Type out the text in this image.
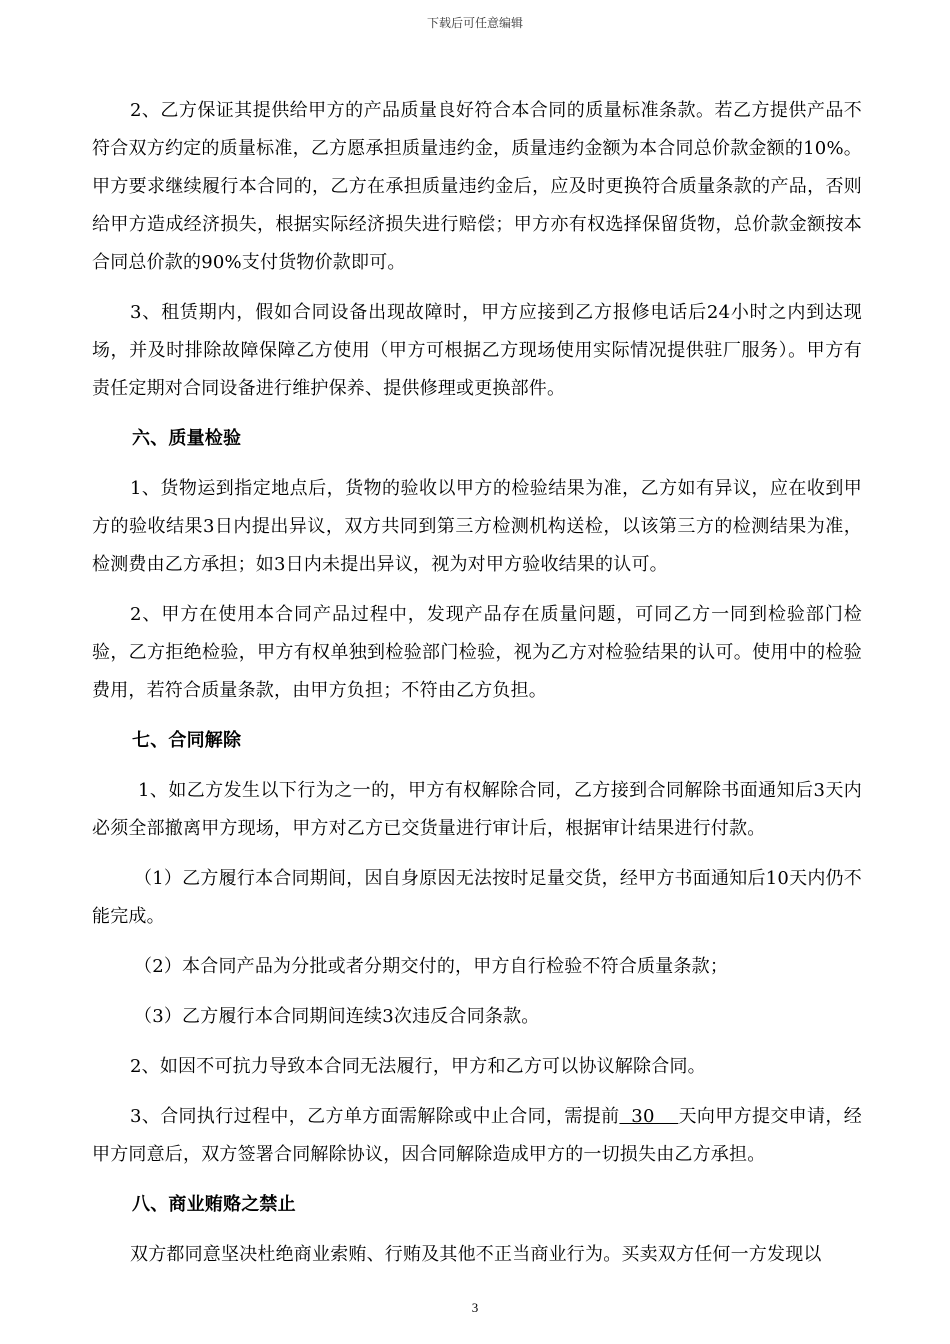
下载后可任意编辑

2、乙方保证其提供给甲方的产品质量良好符合本合同的质量标准条款。若乙方提供产品不符合双方约定的质量标准，乙方愿承担质量违约金，质量违约金额为本合同总价款金额的10%。甲方要求继续履行本合同的，乙方在承担质量违约金后，应及时更换符合质量条款的产品，否则给甲方造成经济损失，根据实际经济损失进行赔偿；甲方亦有权选择保留货物，总价款金额按本合同总价款的90%支付货物价款即可。

3、租赁期内，假如合同设备出现故障时，甲方应接到乙方报修电话后24小时之内到达现场，并及时排除故障保障乙方使用（甲方可根据乙方现场使用实际情况提供驻厂服务）。甲方有责任定期对合同设备进行维护保养、提供修理或更换部件。

六、质量检验

1、货物运到指定地点后，货物的验收以甲方的检验结果为准，乙方如有异议，应在收到甲方的验收结果3日内提出异议，双方共同到第三方检测机构送检，以该第三方的检测结果为准，检测费由乙方承担；如3日内未提出异议，视为对甲方验收结果的认可。

2、甲方在使用本合同产品过程中，发现产品存在质量问题，可同乙方一同到检验部门检验，乙方拒绝检验，甲方有权单独到检验部门检验，视为乙方对检验结果的认可。使用中的检验费用，若符合质量条款，由甲方负担；不符由乙方负担。

七、合同解除

1、如乙方发生以下行为之一的，甲方有权解除合同，乙方接到合同解除书面通知后3天内必须全部撤离甲方现场，甲方对乙方已交货量进行审计后，根据审计结果进行付款。

（1）乙方履行本合同期间，因自身原因无法按时足量交货，经甲方书面通知后10天内仍不能完成。

（2）本合同产品为分批或者分期交付的，甲方自行检验不符合质量条款；

（3）乙方履行本合同期间连续3次违反合同条款。

2、如因不可抗力导致本合同无法履行，甲方和乙方可以协议解除合同。

3、合同执行过程中，乙方单方面需解除或中止合同，需提前  30    天向甲方提交申请，经甲方同意后，双方签署合同解除协议，因合同解除造成甲方的一切损失由乙方承担。

八、商业贿赂之禁止

双方都同意坚决杜绝商业索贿、行贿及其他不正当商业行为。买卖双方任何一方发现以

3
